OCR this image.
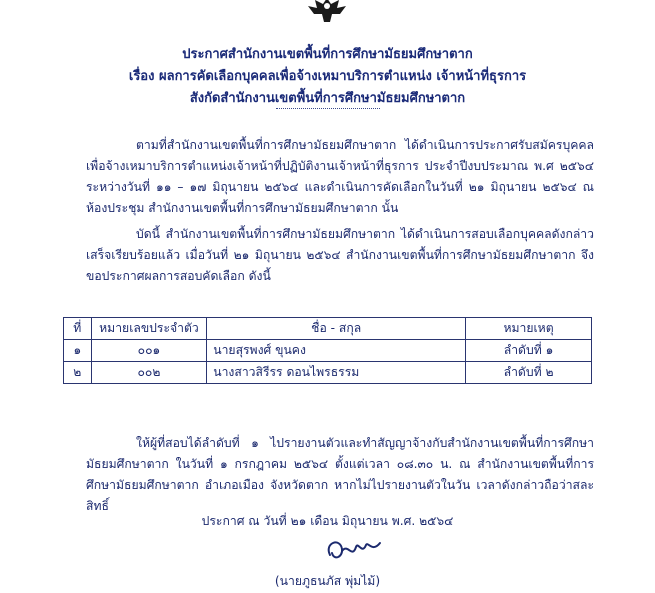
ประกาศสำนักงานเขตพื้นที่การศึกษามัธยมศึกษาตาก
เรื่อง ผลการคัดเลือกบุคคลเพื่อจ้างเหมาบริการตำแหน่ง เจ้าหน้าที่ธุรการ
สังกัดสำนักงานเขตพื้นที่การศึกษามัธยมศึกษาตาก
ตามที่สำนักงานเขตพื้นที่การศึกษามัธยมศึกษาตาก ได้ดำเนินการประกาศรับสมัครบุคคลเพื่อจ้างเหมาบริการตำแหน่งเจ้าหน้าที่ปฏิบัติงานเจ้าหน้าที่ธุรการ ประจำปีงบประมาณ พ.ศ ๒๕๖๔ ระหว่างวันที่ ๑๑ – ๑๗ มิถุนายน ๒๕๖๔ และดำเนินการคัดเลือกในวันที่ ๒๑ มิถุนายน ๒๕๖๔ ณ ห้องประชุม สำนักงานเขตพื้นที่การศึกษามัธยมศึกษาตาก นั้น
บัดนี้ สำนักงานเขตพื้นที่การศึกษามัธยมศึกษาตาก ได้ดำเนินการสอบเลือกบุคคลดังกล่าวเสร็จเรียบร้อยแล้ว เมื่อวันที่ ๒๑ มิถุนายน ๒๕๖๔ สำนักงานเขตพื้นที่การศึกษามัธยมศึกษาตาก จึงขอประกาศผลการสอบคัดเลือก ดังนี้
ที่	หมายเลขประจำตัว	ชื่อ - สกุล	หมายเหตุ
๑	๐๐๑	นายสุรพงศ์ ขุนคง	ลำดับที่ ๑
๒	๐๐๒	นางสาวสิรีรร ดอนไพรธรรม	ลำดับที่ ๒
ให้ผู้ที่สอบได้ลำดับที่ ๑ ไปรายงานตัวและทำสัญญาจ้างกับสำนักงานเขตพื้นที่การศึกษามัธยมศึกษาตาก ในวันที่ ๑ กรกฎาคม ๒๕๖๔ ตั้งแต่เวลา ๐๘.๓๐ น. ณ สำนักงานเขตพื้นที่การศึกษามัธยมศึกษาตาก อำเภอเมือง จังหวัดตาก หากไม่ไปรายงานตัวในวัน เวลาดังกล่าวถือว่าสละสิทธิ์
ประกาศ ณ วันที่ ๒๑ เดือน มิถุนายน พ.ศ. ๒๕๖๔
(นายภูธนภัส พุ่มไม้)
